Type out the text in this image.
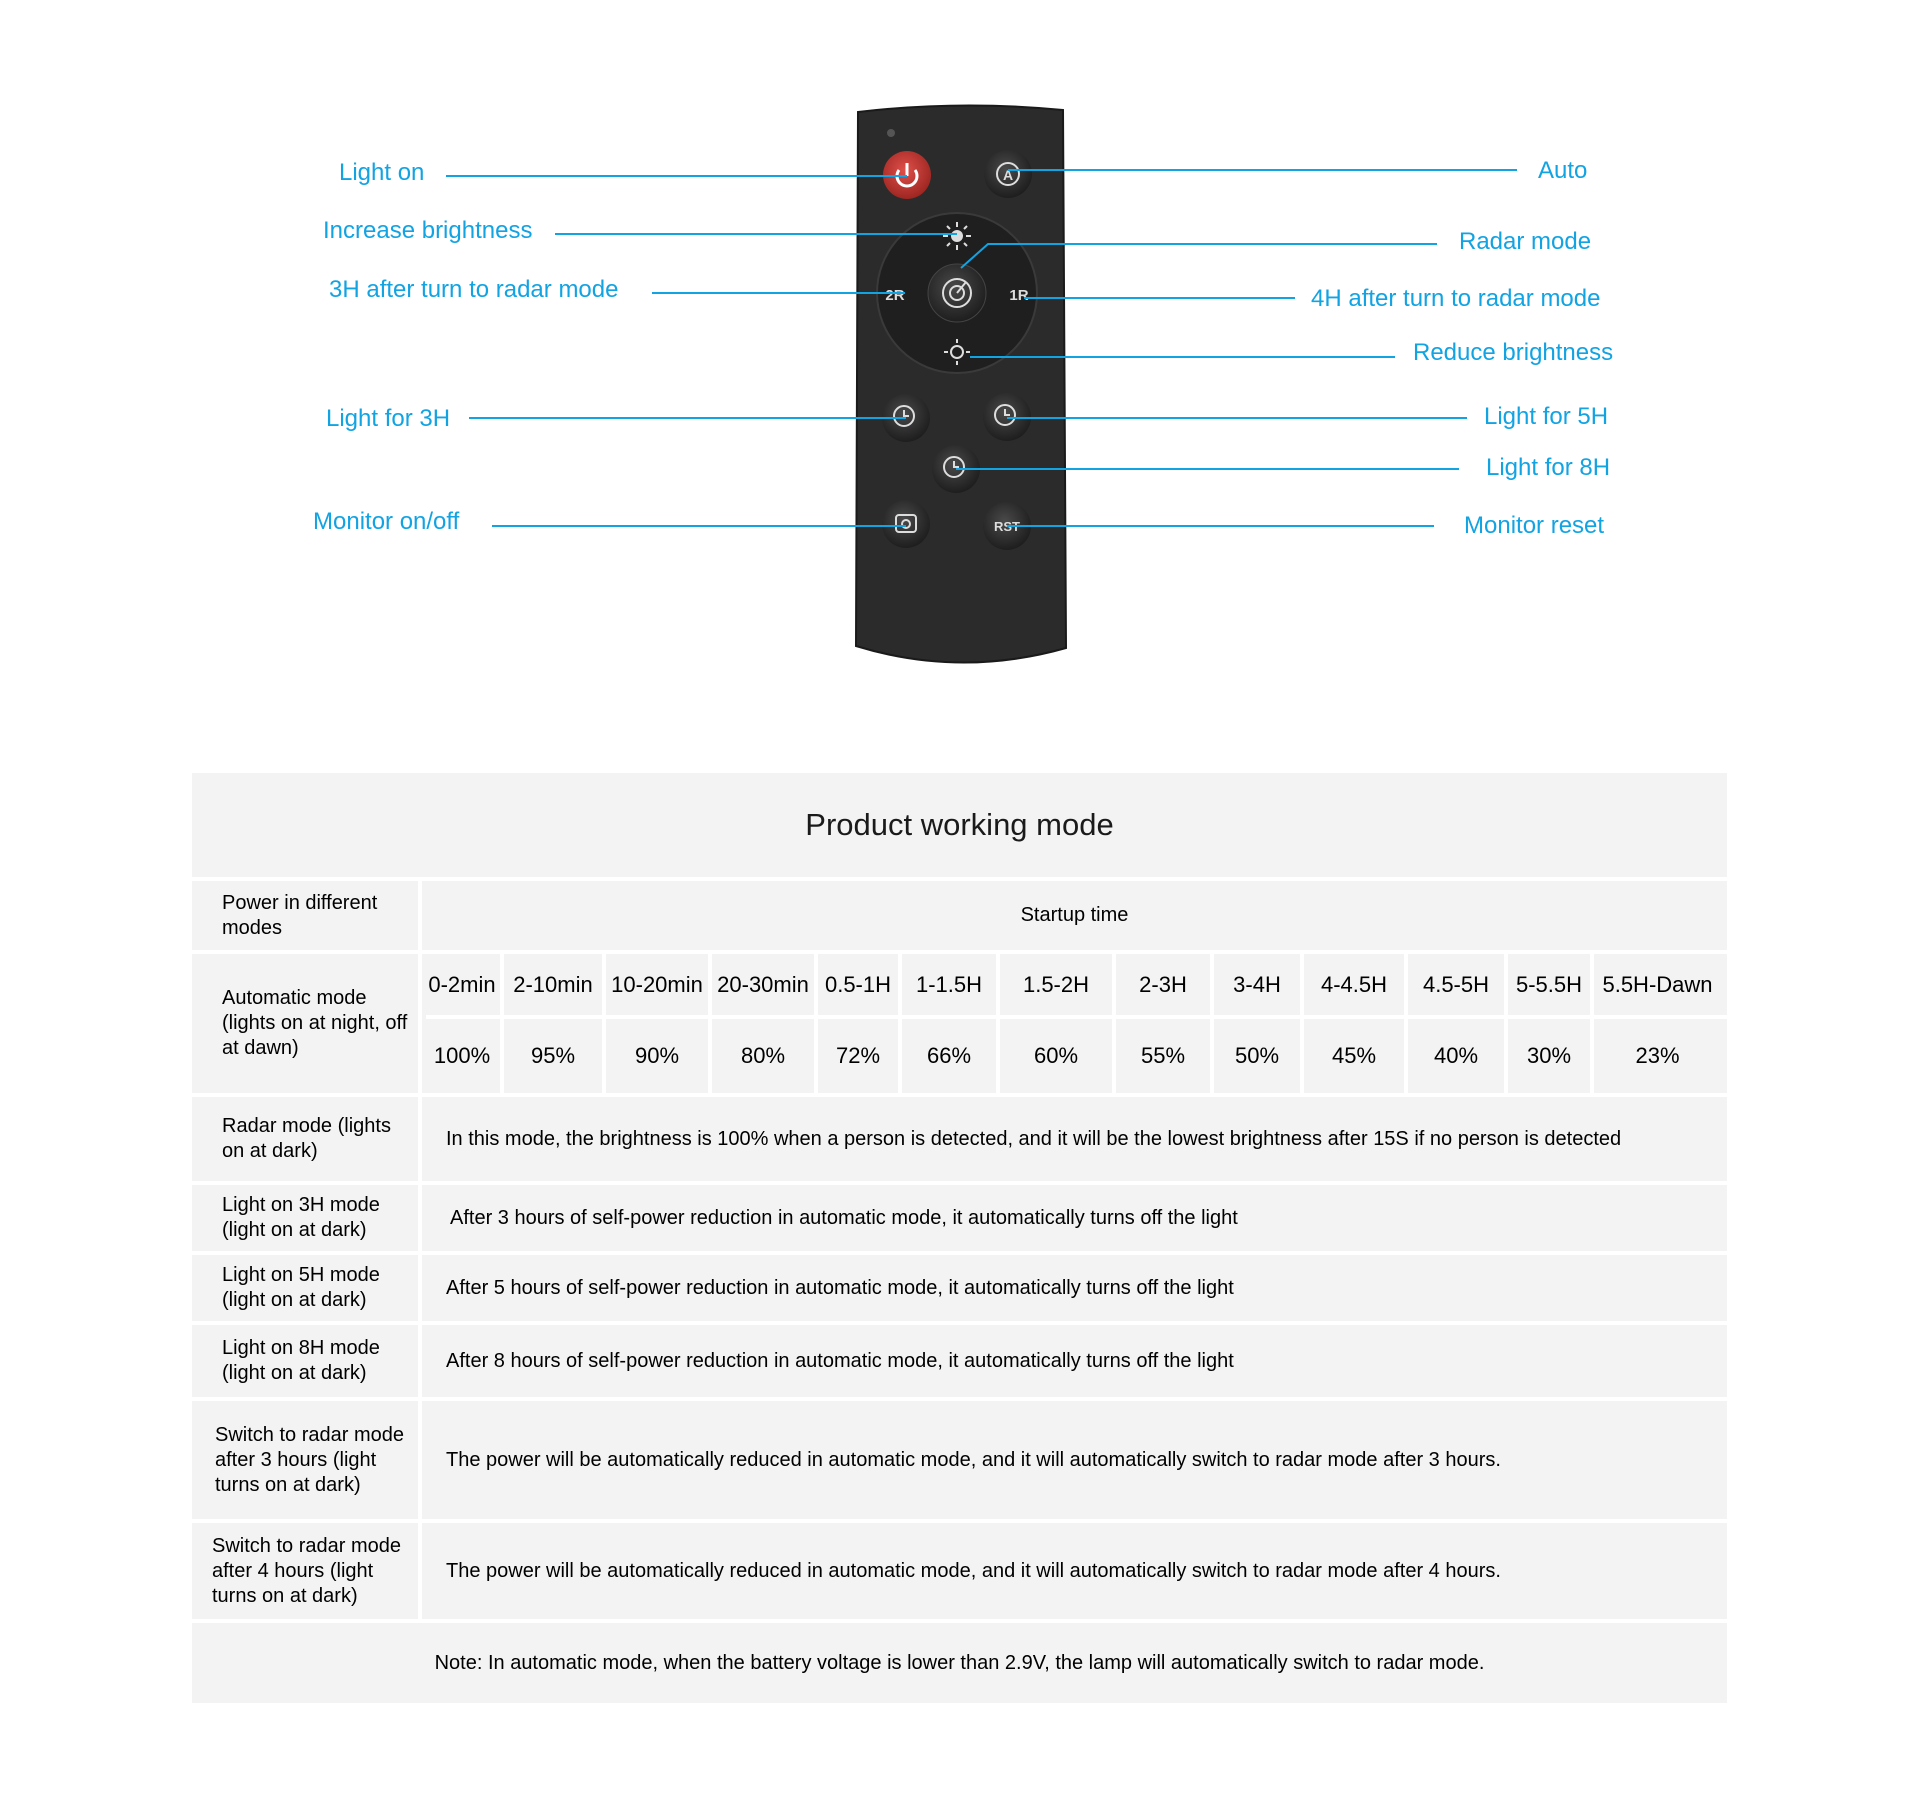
A
2R	1R
RST
Light on
Increase brightness
3H after turn to radar mode
Light for 3H
Monitor on/off
Auto
Radar mode
4H after turn to radar mode
Reduce brightness
Light for 5H
Light for 8H
Monitor reset
Product working mode
Power in different modes
Startup time
Automatic mode (lights on at night, off at dawn)
0-2min 2-10min 10-20min 20-30min 0.5-1H	1-1.5H	1.5-2H	2-3H	3-4H	4-4.5H	4.5-5H	5-5.5H 5.5H-Dawn
100%	95%	90%	80%	72%	66%	60%	55%	50%	45%	40%	30%	23%
Radar mode (lights on at dark)
In this mode, the brightness is 100% when a person is detected, and it will be the lowest brightness after 15S if no person is detected
Light on 3H mode (light on at dark)
After 3 hours of self-power reduction in automatic mode, it automatically turns off the light
Light on 5H mode (light on at dark)
After 5 hours of self-power reduction in automatic mode, it automatically turns off the light
Light on 8H mode (light on at dark)
After 8 hours of self-power reduction in automatic mode, it automatically turns off the light
Switch to radar mode after 3 hours (light turns on at dark)
The power will be automatically reduced in automatic mode, and it will automatically switch to radar mode after 3 hours.
Switch to radar mode after 4 hours (light turns on at dark)
The power will be automatically reduced in automatic mode, and it will automatically switch to radar mode after 4 hours.
Note: In automatic mode, when the battery voltage is lower than 2.9V, the lamp will automatically switch to radar mode.
